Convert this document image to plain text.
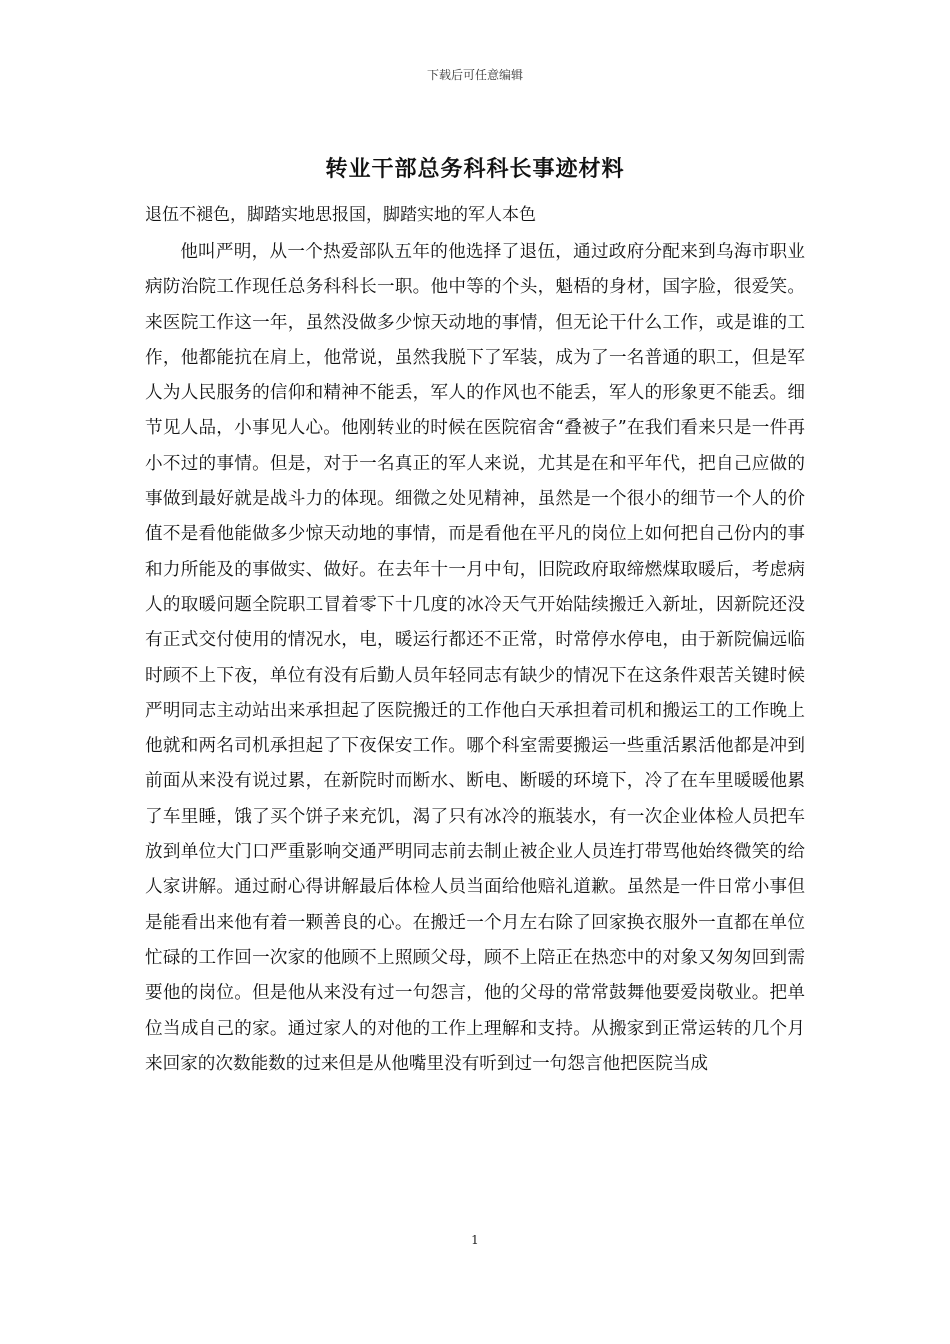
下载后可任意编辑
转业干部总务科科长事迹材料

退伍不褪色，脚踏实地思报国，脚踏实地的军人本色

他叫严明，从一个热爱部队五年的他选择了退伍，通过政府分配来到乌海市职业病防治院工作现任总务科科长一职。他中等的个头，魁梧的身材，国字脸，很爱笑。来医院工作这一年，虽然没做多少惊天动地的事情，但无论干什么工作，或是谁的工作，他都能抗在肩上，他常说，虽然我脱下了军装，成为了一名普通的职工，但是军人为人民服务的信仰和精神不能丢，军人的作风也不能丢，军人的形象更不能丢。细节见人品，小事见人心。他刚转业的时候在医院宿舍“叠被子”在我们看来只是一件再小不过的事情。但是，对于一名真正的军人来说，尤其是在和平年代，把自己应做的事做到最好就是战斗力的体现。细微之处见精神，虽然是一个很小的细节一个人的价值不是看他能做多少惊天动地的事情，而是看他在平凡的岗位上如何把自己份内的事和力所能及的事做实、做好。在去年十一月中旬，旧院政府取缔燃煤取暖后，考虑病人的取暖问题全院职工冒着零下十几度的冰冷天气开始陆续搬迁入新址，因新院还没有正式交付使用的情况水，电，暖运行都还不正常，时常停水停电，由于新院偏远临时顾不上下夜，单位有没有后勤人员年轻同志有缺少的情况下在这条件艰苦关键时候严明同志主动站出来承担起了医院搬迁的工作他白天承担着司机和搬运工的工作晚上他就和两名司机承担起了下夜保安工作。哪个科室需要搬运一些重活累活他都是冲到前面从来没有说过累，在新院时而断水、断电、断暖的环境下，冷了在车里暖暖他累了车里睡，饿了买个饼子来充饥，渴了只有冰冷的瓶装水，有一次企业体检人员把车放到单位大门口严重影响交通严明同志前去制止被企业人员连打带骂他始终微笑的给人家讲解。通过耐心得讲解最后体检人员当面给他赔礼道歉。虽然是一件日常小事但是能看出来他有着一颗善良的心。在搬迁一个月左右除了回家换衣服外一直都在单位忙碌的工作回一次家的他顾不上照顾父母，顾不上陪正在热恋中的对象又匆匆回到需要他的岗位。但是他从来没有过一句怨言，他的父母的常常鼓舞他要爱岗敬业。把单位当成自己的家。通过家人的对他的工作上理解和支持。从搬家到正常运转的几个月来回家的次数能数的过来但是从他嘴里没有听到过一句怨言他把医院当成

1
